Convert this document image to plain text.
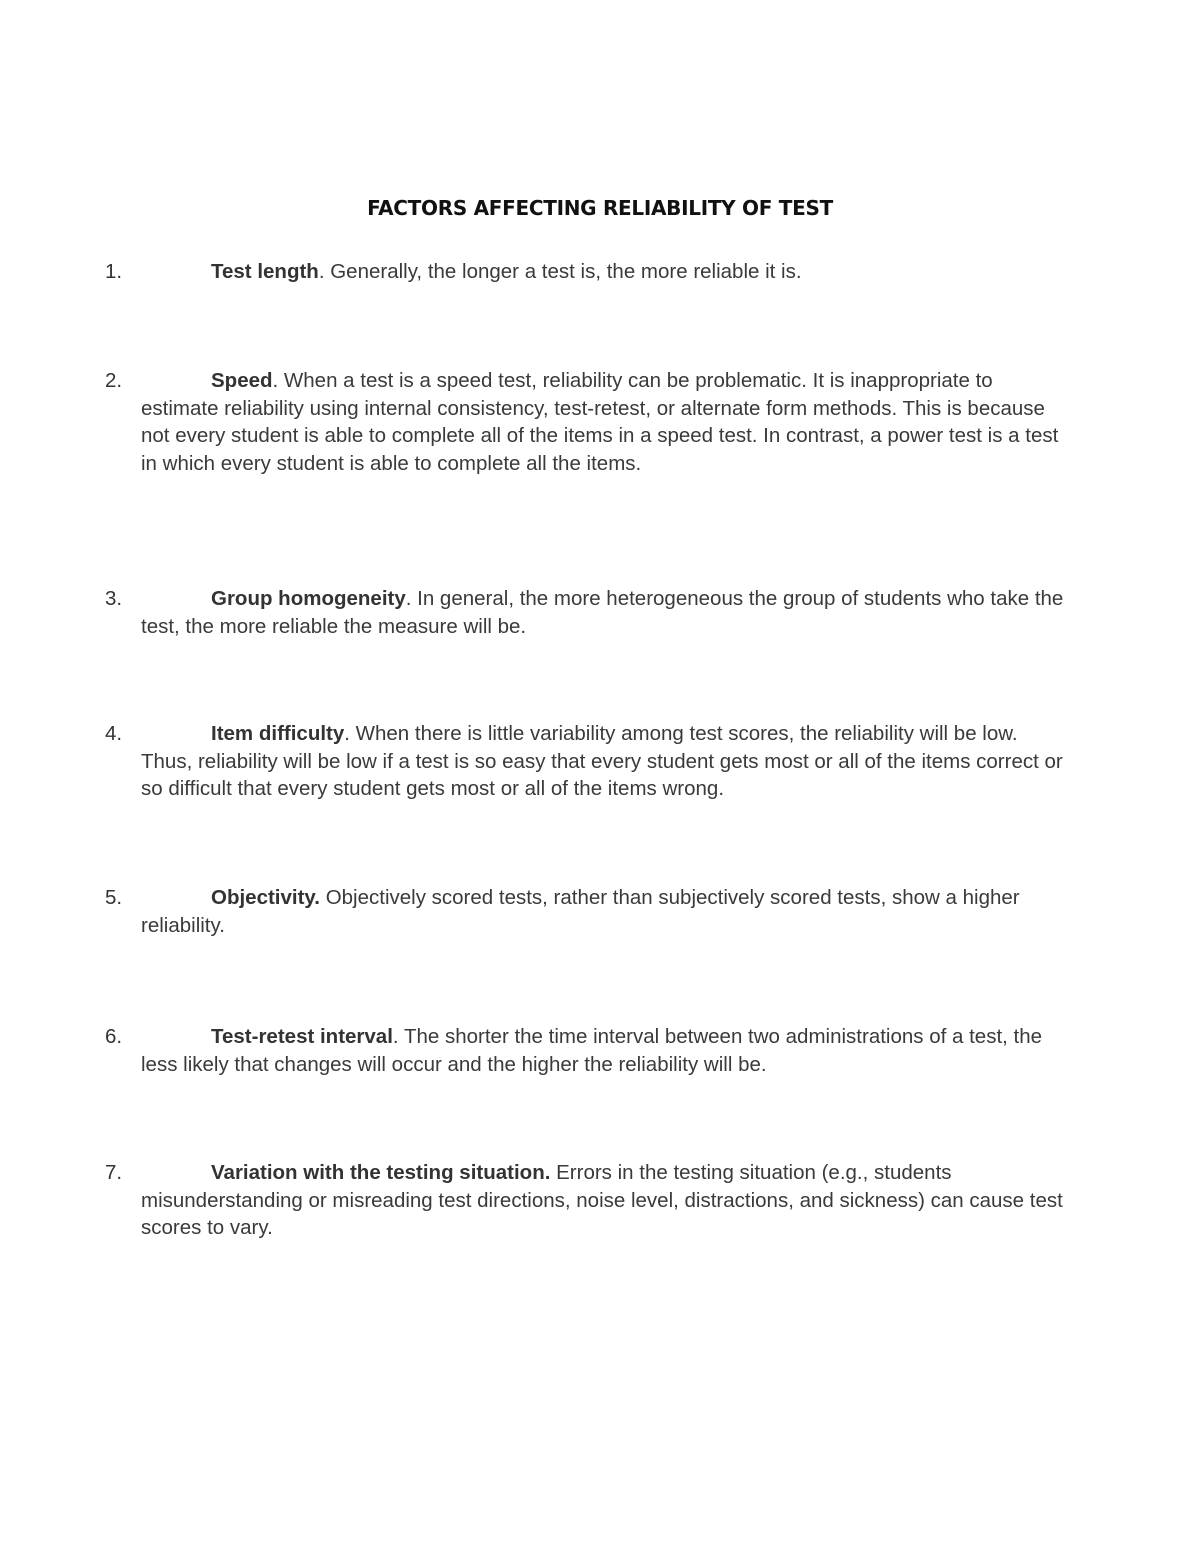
FACTORS AFFECTING RELIABILITY OF TEST
1.	Test length. Generally, the longer a test is, the more reliable it is.
2.	Speed. When a test is a speed test, reliability can be problematic. It is inappropriate to estimate reliability using internal consistency, test-retest, or alternate form methods. This is because not every student is able to complete all of the items in a speed test. In contrast, a power test is a test in which every student is able to complete all the items.
3.	Group homogeneity. In general, the more heterogeneous the group of students who take the test, the more reliable the measure will be.
4.	Item difficulty. When there is little variability among test scores, the reliability will be low. Thus, reliability will be low if a test is so easy that every student gets most or all of the items correct or so difficult that every student gets most or all of the items wrong.
5.	Objectivity. Objectively scored tests, rather than subjectively scored tests, show a higher reliability.
6.	Test-retest interval. The shorter the time interval between two administrations of a test, the less likely that changes will occur and the higher the reliability will be.
7.	Variation with the testing situation. Errors in the testing situation (e.g., students misunderstanding or misreading test directions, noise level, distractions, and sickness) can cause test scores to vary.
